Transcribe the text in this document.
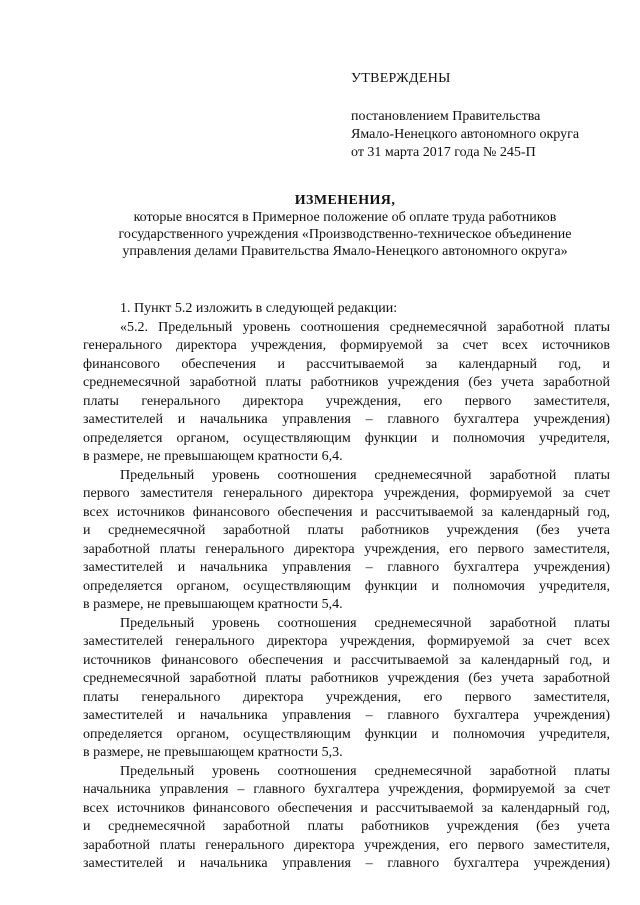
УТВЕРЖДЕНЫ
постановлением Правительства
Ямало-Ненецкого автономного округа
от 31 марта 2017 года № 245-П
ИЗМЕНЕНИЯ,
которые вносятся в Примерное положение об оплате труда работников
государственного учреждения «Производственно-техническое объединение
управления делами Правительства Ямало-Ненецкого автономного округа»
1. Пункт 5.2 изложить в следующей редакции:
«5.2. Предельный уровень соотношения среднемесячной заработной платы
генерального директора учреждения, формируемой за счет всех источников
финансового обеспечения и рассчитываемой за календарный год, и
среднемесячной заработной платы работников учреждения (без учета заработной
платы генерального директора учреждения, его первого заместителя,
заместителей и начальника управления – главного бухгалтера учреждения)
определяется органом, осуществляющим функции и полномочия учредителя,
в размере, не превышающем кратности 6,4.
Предельный уровень соотношения среднемесячной заработной платы
первого заместителя генерального директора учреждения, формируемой за счет
всех источников финансового обеспечения и рассчитываемой за календарный год,
и среднемесячной заработной платы работников учреждения (без учета
заработной платы генерального директора учреждения, его первого заместителя,
заместителей и начальника управления – главного бухгалтера учреждения)
определяется органом, осуществляющим функции и полномочия учредителя,
в размере, не превышающем кратности 5,4.
Предельный уровень соотношения среднемесячной заработной платы
заместителей генерального директора учреждения, формируемой за счет всех
источников финансового обеспечения и рассчитываемой за календарный год, и
среднемесячной заработной платы работников учреждения (без учета заработной
платы генерального директора учреждения, его первого заместителя,
заместителей и начальника управления – главного бухгалтера учреждения)
определяется органом, осуществляющим функции и полномочия учредителя,
в размере, не превышающем кратности 5,3.
Предельный уровень соотношения среднемесячной заработной платы
начальника управления – главного бухгалтера учреждения, формируемой за счет
всех источников финансового обеспечения и рассчитываемой за календарный год,
и среднемесячной заработной платы работников учреждения (без учета
заработной платы генерального директора учреждения, его первого заместителя,
заместителей и начальника управления – главного бухгалтера учреждения)
